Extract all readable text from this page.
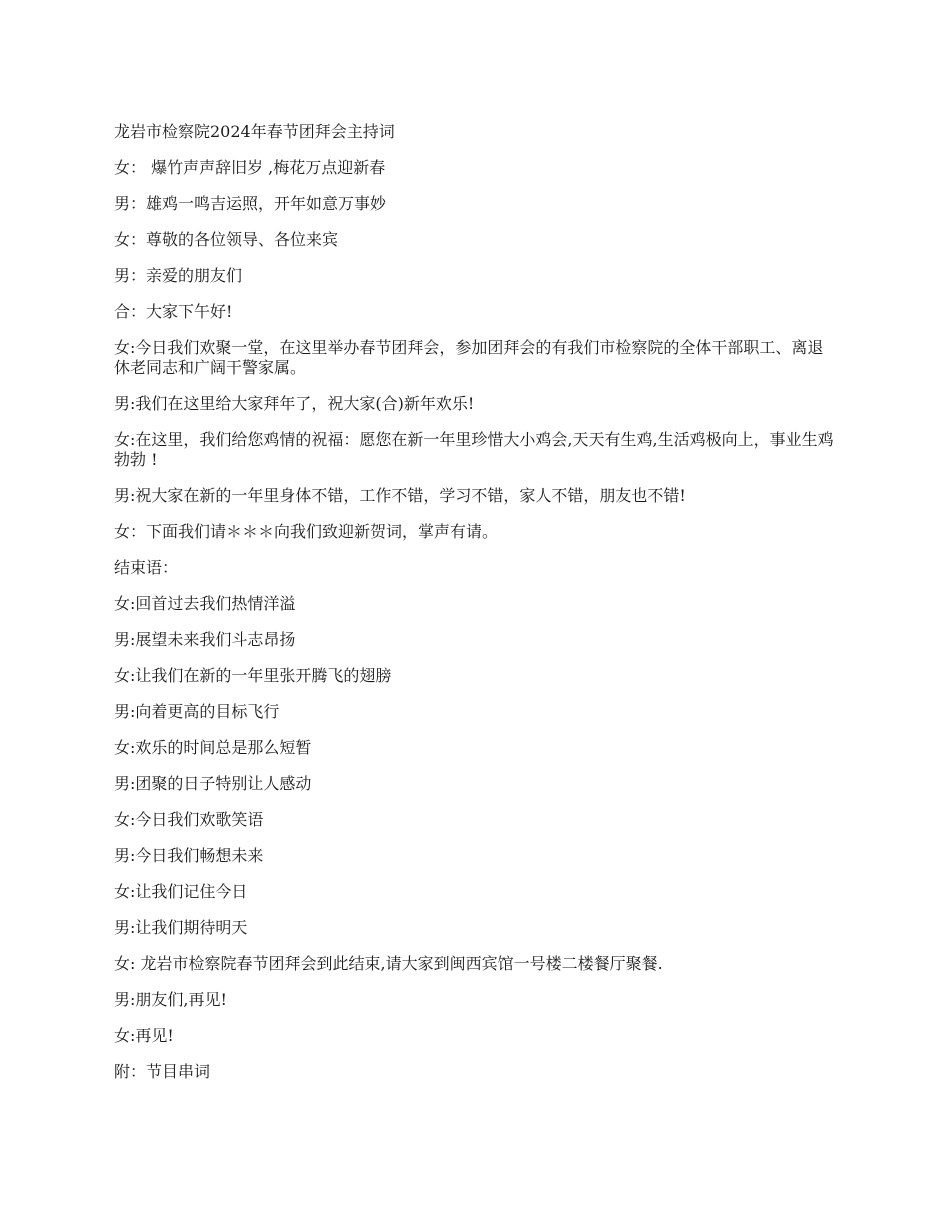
龙岩市检察院2024年春节团拜会主持词

女： 爆竹声声辞旧岁 ,梅花万点迎新春

男：雄鸡一鸣吉运照，开年如意万事妙

女：尊敬的各位领导、各位来宾

男：亲爱的朋友们

合：大家下午好!

女:今日我们欢聚一堂，在这里举办春节团拜会，参加团拜会的有我们市检察院的全体干部职工、离退休老同志和广阔干警家属。

男:我们在这里给大家拜年了，祝大家(合)新年欢乐!

女:在这里，我们给您鸡情的祝福：愿您在新一年里珍惜大小鸡会,天天有生鸡,生活鸡极向上，事业生鸡勃勃 !

男:祝大家在新的一年里身体不错，工作不错，学习不错，家人不错，朋友也不错!

女：下面我们请＊＊＊向我们致迎新贺词，掌声有请。

结束语：

女:回首过去我们热情洋溢

男:展望未来我们斗志昂扬

女:让我们在新的一年里张开腾飞的翅膀

男:向着更高的目标飞行

女:欢乐的时间总是那么短暂

男:团聚的日子特别让人感动

女:今日我们欢歌笑语

男:今日我们畅想未来

女:让我们记住今日

男:让我们期待明天

女: 龙岩市检察院春节团拜会到此结束,请大家到闽西宾馆一号楼二楼餐厅聚餐.

男:朋友们,再见!

女:再见!

附：节目串词
